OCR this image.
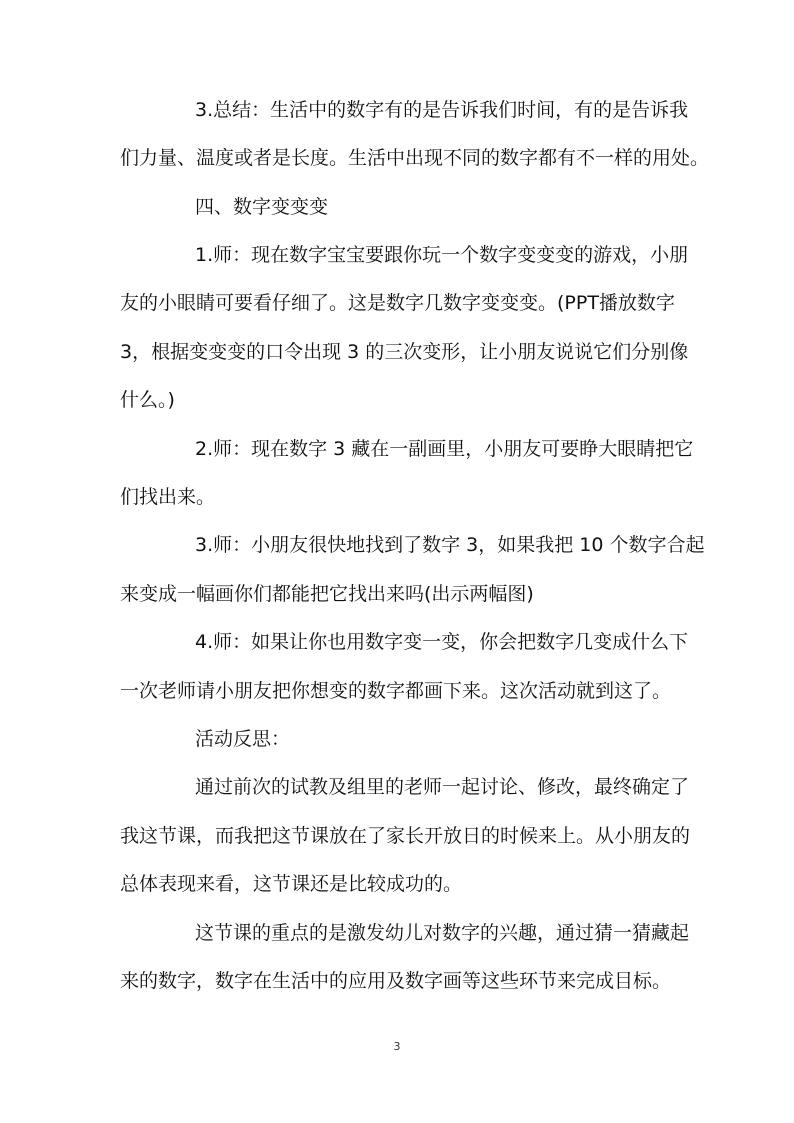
3.总结：生活中的数字有的是告诉我们时间，有的是告诉我
们力量、温度或者是长度。生活中出现不同的数字都有不一样的用处。
四、数字变变变
1.师：现在数字宝宝要跟你玩一个数字变变变的游戏，小朋
友的小眼睛可要看仔细了。这是数字几数字变变变。(PPT播放数字
3，根据变变变的口令出现 3 的三次变形，让小朋友说说它们分别像
什么。)
2.师：现在数字 3 藏在一副画里，小朋友可要睁大眼睛把它
们找出来。
3.师：小朋友很快地找到了数字 3，如果我把 10 个数字合起
来变成一幅画你们都能把它找出来吗(出示两幅图)
4.师：如果让你也用数字变一变，你会把数字几变成什么下
一次老师请小朋友把你想变的数字都画下来。这次活动就到这了。
活动反思：
通过前次的试教及组里的老师一起讨论、修改，最终确定了
我这节课，而我把这节课放在了家长开放日的时候来上。从小朋友的
总体表现来看，这节课还是比较成功的。
这节课的重点的是激发幼儿对数字的兴趣，通过猜一猜藏起
来的数字，数字在生活中的应用及数字画等这些环节来完成目标。
3
